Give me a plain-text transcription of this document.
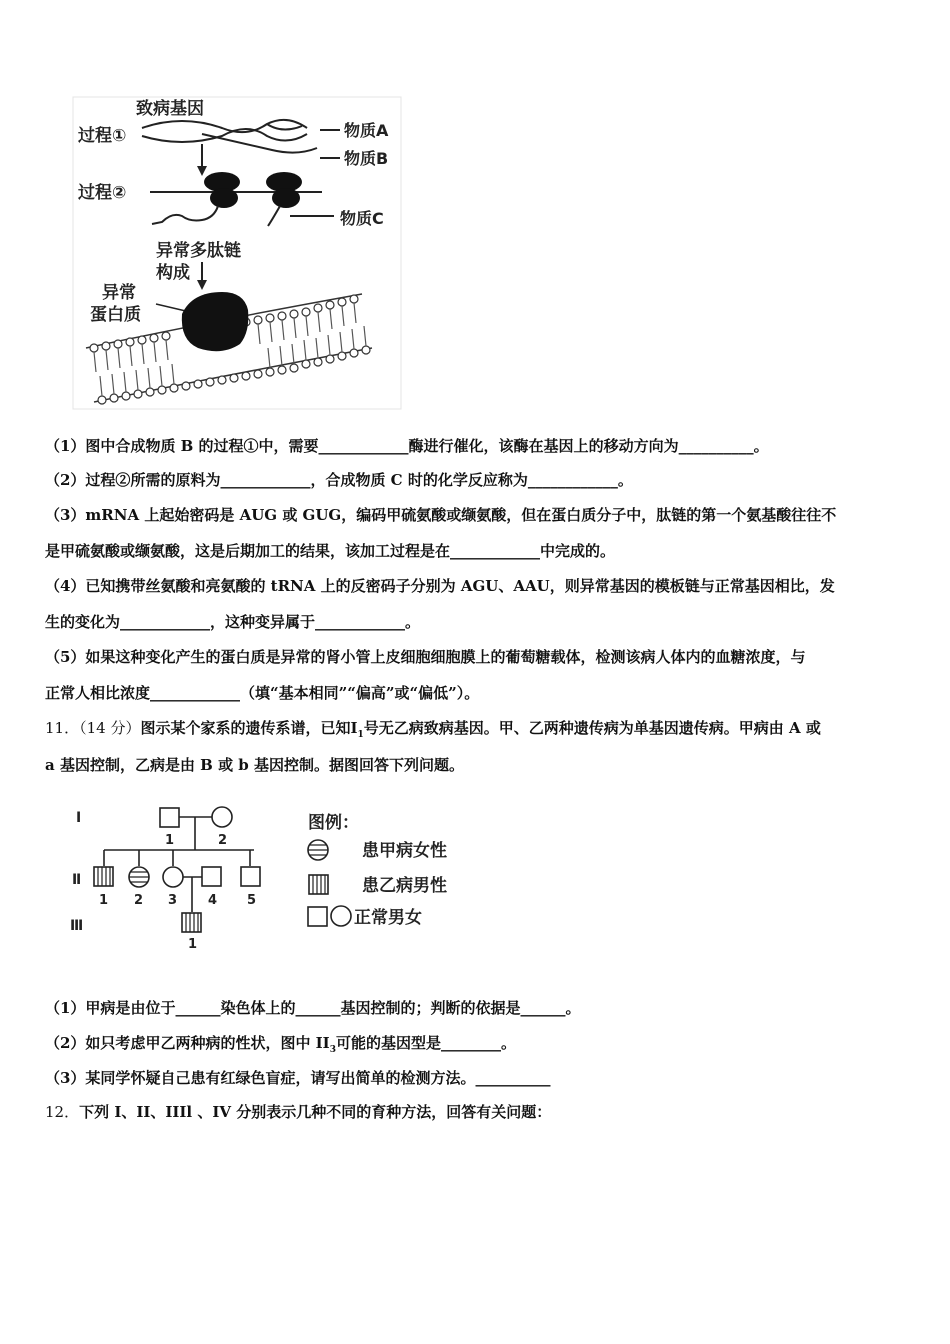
致病基因
过程①	物质A
物质B
过程②
物质C
异常多肽链
构成
异常
蛋白质
（1）图中合成物质 B 的过程①中，需要____________酶进行催化，该酶在基因上的移动方向为__________。
（2）过程②所需的原料为____________，合成物质 C 时的化学反应称为____________。
（3）mRNA 上起始密码是 AUG 或 GUG，编码甲硫氨酸或缬氨酸，但在蛋白质分子中，肽链的第一个氨基酸往往不
是甲硫氨酸或缬氨酸，这是后期加工的结果，该加工过程是在____________中完成的。
（4）已知携带丝氨酸和亮氨酸的 tRNA 上的反密码子分别为 AGU、AAU，则异常基因的模板链与正常基因相比，发
生的变化为____________，这种变异属于____________。
（5）如果这种变化产生的蛋白质是异常的肾小管上皮细胞细胞膜上的葡萄糖载体，检测该病人体内的血糖浓度，与
正常人相比浓度____________（填“基本相同”“偏高”或“偏低”）。
11．（14 分）图示某个家系的遗传系谱，已知$Ⅰ_1$号无乙病致病基因。甲、乙两种遗传病为单基因遗传病。甲病由 A 或
a 基因控制，乙病是由 B 或 b 基因控制。据图回答下列问题。
Ⅰ
Ⅱ
Ⅲ
1	2
1 2 3 4 5
1
图例：
患甲病女性
患乙病男性
正常男女
（1）甲病是由位于______染色体上的______基因控制的；判断的依据是______。
（2）如只考虑甲乙两种病的性状，图中 $II_3$可能的基因型是________。
（3）某同学怀疑自己患有红绿色盲症，请写出简单的检测方法。__________
12．下列 I、II、IIIl 、IV 分别表示几种不同的育种方法，回答有关问题：
